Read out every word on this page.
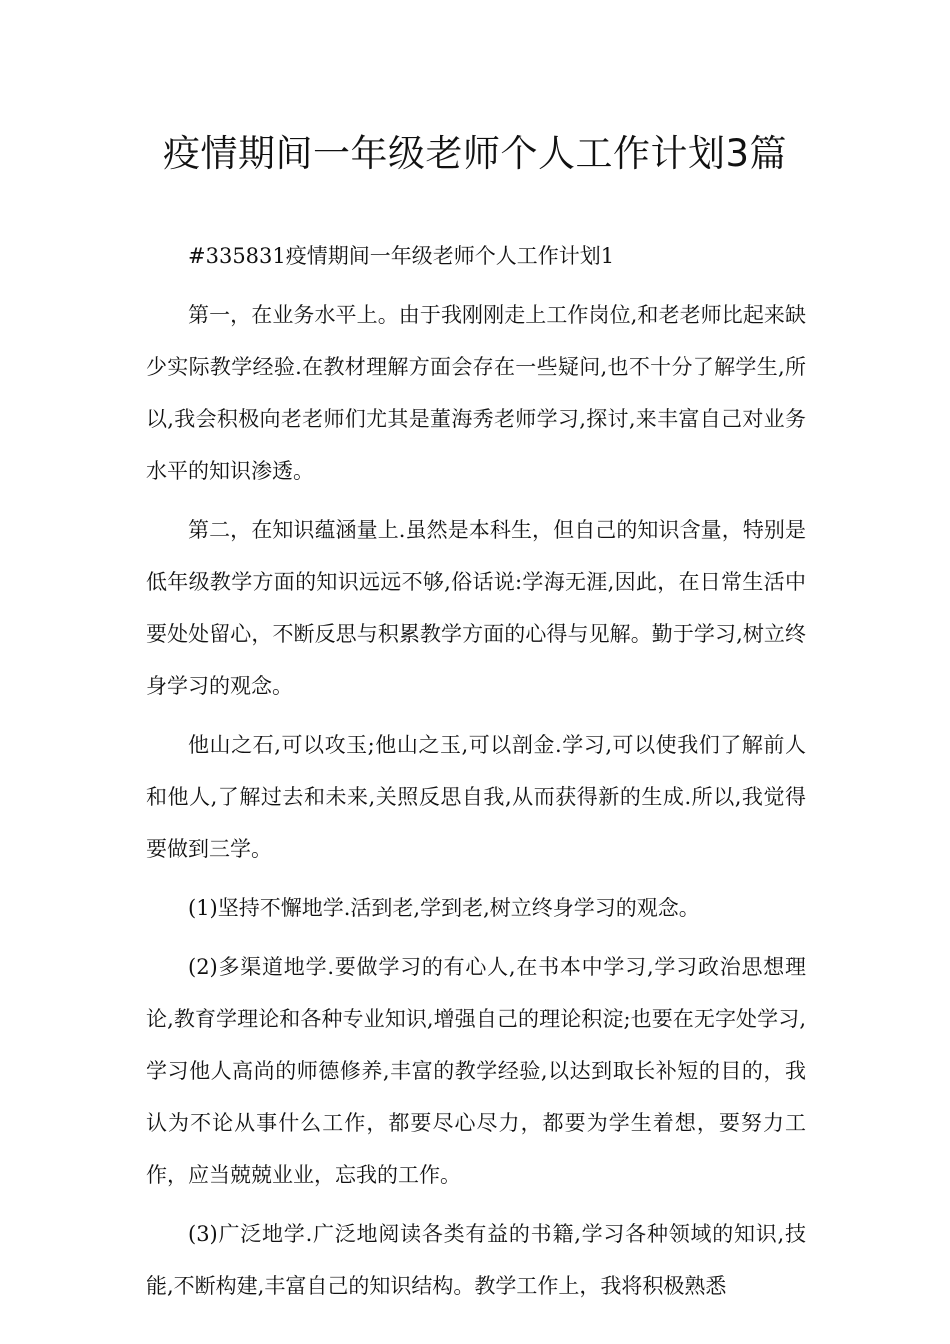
疫情期间一年级老师个人工作计划3篇

#335831疫情期间一年级老师个人工作计划1

第一，在业务水平上。由于我刚刚走上工作岗位,和老老师比起来缺少实际教学经验.在教材理解方面会存在一些疑问,也不十分了解学生,所以,我会积极向老老师们尤其是董海秀老师学习,探讨,来丰富自己对业务水平的知识渗透。

第二，在知识蕴涵量上.虽然是本科生，但自己的知识含量，特别是低年级教学方面的知识远远不够,俗话说:学海无涯,因此，在日常生活中要处处留心，不断反思与积累教学方面的心得与见解。勤于学习,树立终身学习的观念。

他山之石,可以攻玉;他山之玉,可以剖金.学习,可以使我们了解前人和他人,了解过去和未来,关照反思自我,从而获得新的生成.所以,我觉得要做到三学。

(1)坚持不懈地学.活到老,学到老,树立终身学习的观念。

(2)多渠道地学.要做学习的有心人,在书本中学习,学习政治思想理论,教育学理论和各种专业知识,增强自己的理论积淀;也要在无字处学习,学习他人高尚的师德修养,丰富的教学经验,以达到取长补短的目的，我认为不论从事什么工作，都要尽心尽力，都要为学生着想，要努力工作，应当兢兢业业，忘我的工作。

(3)广泛地学.广泛地阅读各类有益的书籍,学习各种领域的知识,技能,不断构建,丰富自己的知识结构。教学工作上，我将积极熟悉
